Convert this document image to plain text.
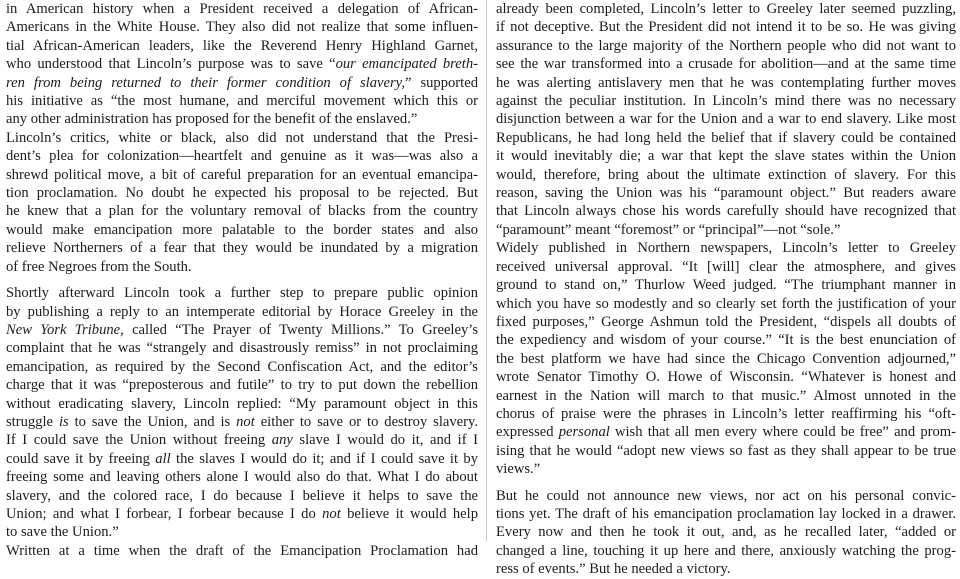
in American history when a President received a delegation of African-
Americans in the White House. They also did not realize that some influen-
tial African-American leaders, like the Reverend Henry Highland Garnet,
who understood that Lincoln’s purpose was to save “our emancipated breth-
ren from being returned to their former condition of slavery,” supported
his initiative as “the most humane, and merciful movement which this or
any other administration has proposed for the benefit of the enslaved.”
Lincoln’s critics, white or black, also did not understand that the Presi-
dent’s plea for colonization—heartfelt and genuine as it was—was also a
shrewd political move, a bit of careful preparation for an eventual emancipa-
tion proclamation. No doubt he expected his proposal to be rejected. But
he knew that a plan for the voluntary removal of blacks from the country
would make emancipation more palatable to the border states and also
relieve Northerners of a fear that they would be inundated by a migration
of free Negroes from the South.
Shortly afterward Lincoln took a further step to prepare public opinion
by publishing a reply to an intemperate editorial by Horace Greeley in the
New York Tribune, called “The Prayer of Twenty Millions.” To Greeley’s
complaint that he was “strangely and disastrously remiss” in not proclaiming
emancipation, as required by the Second Confiscation Act, and the editor’s
charge that it was “preposterous and futile” to try to put down the rebellion
without eradicating slavery, Lincoln replied: “My paramount object in this
struggle is to save the Union, and is not either to save or to destroy slavery.
If I could save the Union without freeing any slave I would do it, and if I
could save it by freeing all the slaves I would do it; and if I could save it by
freeing some and leaving others alone I would also do that. What I do about
slavery, and the colored race, I do because I believe it helps to save the
Union; and what I forbear, I forbear because I do not believe it would help
to save the Union.”
Written at a time when the draft of the Emancipation Proclamation had
already been completed, Lincoln’s letter to Greeley later seemed puzzling,
if not deceptive. But the President did not intend it to be so. He was giving
assurance to the large majority of the Northern people who did not want to
see the war transformed into a crusade for abolition—and at the same time
he was alerting antislavery men that he was contemplating further moves
against the peculiar institution. In Lincoln’s mind there was no necessary
disjunction between a war for the Union and a war to end slavery. Like most
Republicans, he had long held the belief that if slavery could be contained
it would inevitably die; a war that kept the slave states within the Union
would, therefore, bring about the ultimate extinction of slavery. For this
reason, saving the Union was his “paramount object.” But readers aware
that Lincoln always chose his words carefully should have recognized that
“paramount” meant “foremost” or “principal”—not “sole.”
Widely published in Northern newspapers, Lincoln’s letter to Greeley
received universal approval. “It [will] clear the atmosphere, and gives
ground to stand on,” Thurlow Weed judged. “The triumphant manner in
which you have so modestly and so clearly set forth the justification of your
fixed purposes,” George Ashmun told the President, “dispels all doubts of
the expediency and wisdom of your course.” “It is the best enunciation of
the best platform we have had since the Chicago Convention adjourned,”
wrote Senator Timothy O. Howe of Wisconsin. “Whatever is honest and
earnest in the Nation will march to that music.” Almost unnoted in the
chorus of praise were the phrases in Lincoln’s letter reaffirming his “oft-
expressed personal wish that all men every where could be free” and prom-
ising that he would “adopt new views so fast as they shall appear to be true
views.”
But he could not announce new views, nor act on his personal convic-
tions yet. The draft of his emancipation proclamation lay locked in a drawer.
Every now and then he took it out, and, as he recalled later, “added or
changed a line, touching it up here and there, anxiously watching the prog-
ress of events.” But he needed a victory.
